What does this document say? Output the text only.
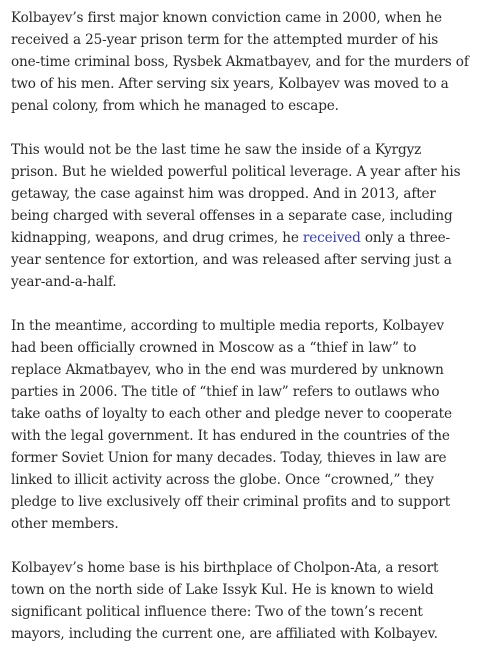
Kolbayev’s first major known conviction came in 2000, when he received a 25-year prison term for the attempted murder of his one-time criminal boss, Rysbek Akmatbayev, and for the murders of two of his men. After serving six years, Kolbayev was moved to a penal colony, from which he managed to escape.

This would not be the last time he saw the inside of a Kyrgyz prison. But he wielded powerful political leverage. A year after his getaway, the case against him was dropped. And in 2013, after being charged with several offenses in a separate case, including kidnapping, weapons, and drug crimes, he received only a three-year sentence for extortion, and was released after serving just a year-and-a-half.

In the meantime, according to multiple media reports, Kolbayev had been officially crowned in Moscow as a “thief in law” to replace Akmatbayev, who in the end was murdered by unknown parties in 2006. The title of “thief in law” refers to outlaws who take oaths of loyalty to each other and pledge never to cooperate with the legal government. It has endured in the countries of the former Soviet Union for many decades. Today, thieves in law are linked to illicit activity across the globe. Once “crowned,” they pledge to live exclusively off their criminal profits and to support other members.

Kolbayev’s home base is his birthplace of Cholpon-Ata, a resort town on the north side of Lake Issyk Kul. He is known to wield significant political influence there: Two of the town’s recent mayors, including the current one, are affiliated with Kolbayev.
